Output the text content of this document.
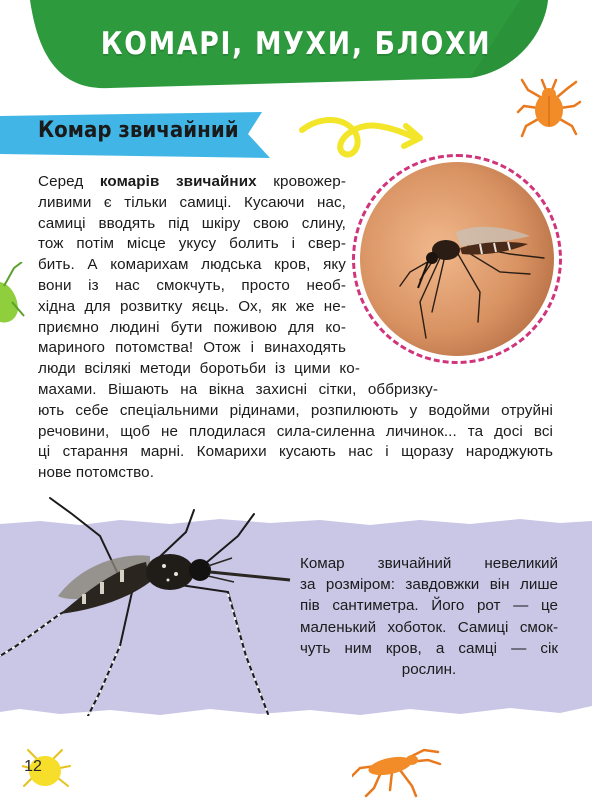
КОМАРІ, МУХИ, БЛОХИ
Комар звичайний
Серед комарів звичайних кровожер-
ливими є тільки самиці. Кусаючи нас,
самиці вводять під шкіру свою слину,
тож потім місце укусу болить і свер-
бить. А комарихам людська кров, яку
вони із нас смокчуть, просто необ-
хідна для розвитку яєць. Ох, як же не-
приємно людині бути поживою для ко-
мариного потомства! Отож і винаходять
люди всілякі методи боротьби із цими ко-
махами. Вішають на вікна захисні сітки, оббризку-
ють себе спеціальними рідинами, розпилюють у водойми отруйні
речовини, щоб не плодилася сила-силенна личинок... та досі всі
ці старання марні. Комарихи кусають нас і щоразу народжують
нове потомство.
Комар звичайний невеликий
за розміром: завдовжки він лише
пів сантиметра. Його рот — це
маленький хоботок. Самиці смок-
чуть ним кров, а самці — сік
рослин.
12
